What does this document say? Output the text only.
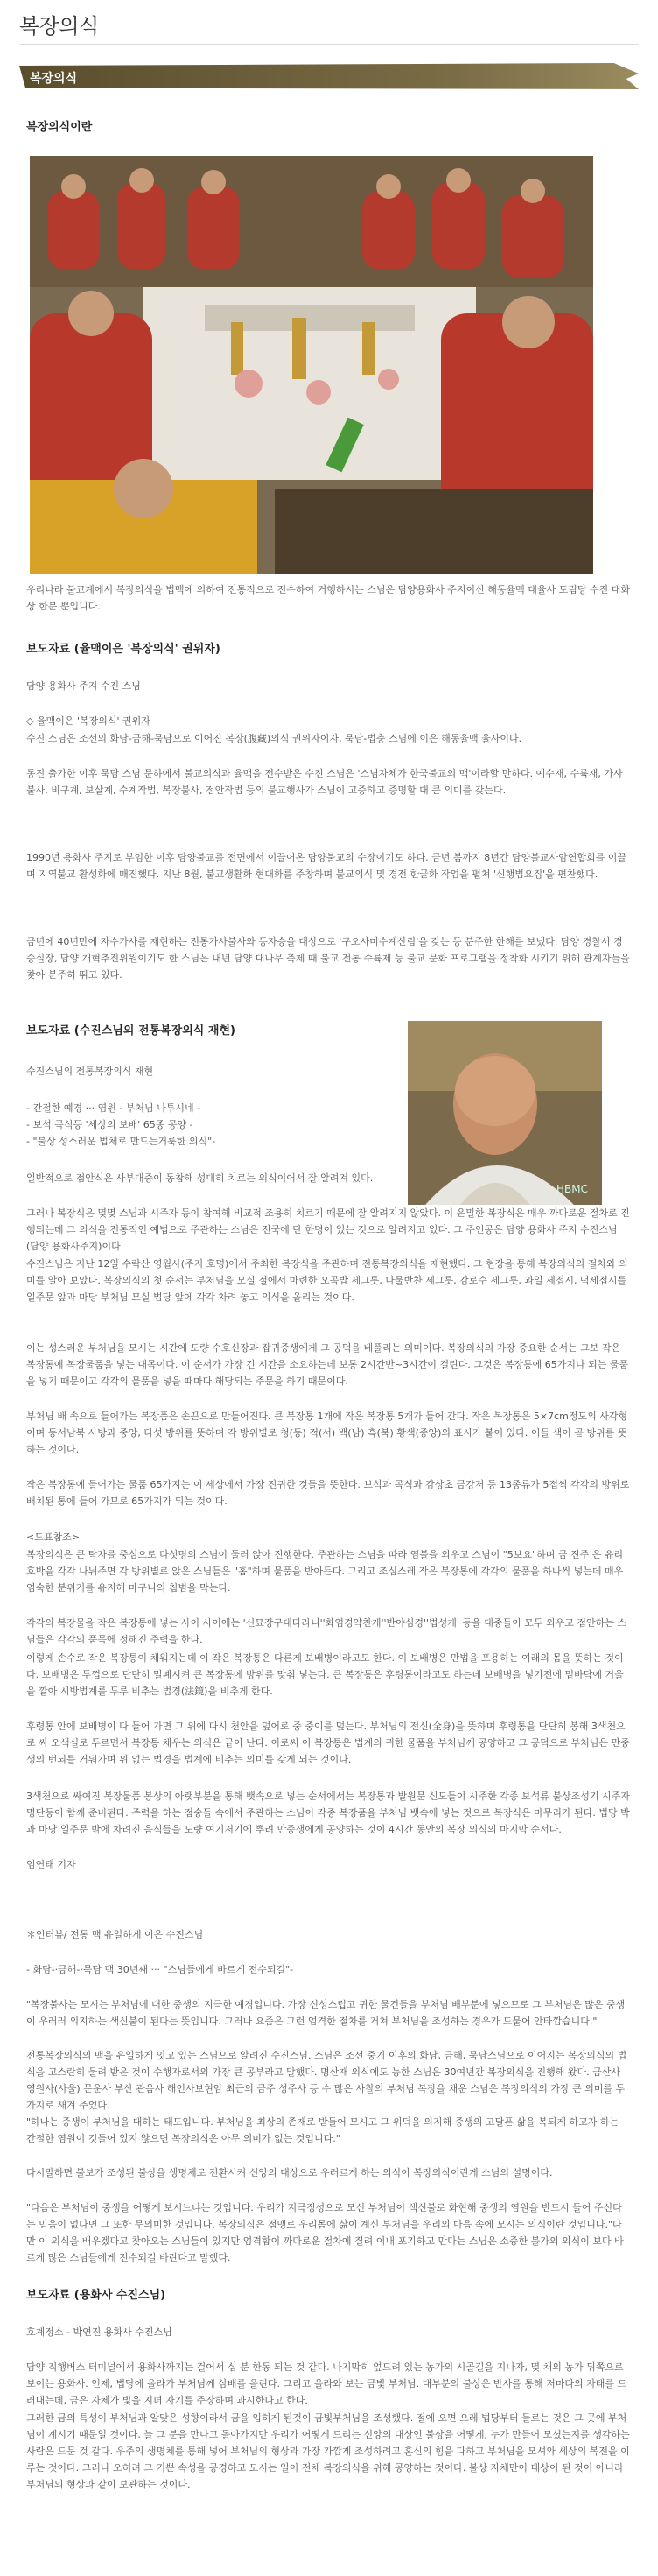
복장의식
복장의식
복장의식이란
우리나라 불교계에서 복장의식을 법맥에 의하여 전통적으로 전수하여 거행하시는 스님은 담양용화사 주지이신 해동율맥 대율사 도림당 수진 대화상 한분 뿐입니다.
보도자료 (율맥이은 '복장의식' 권위자)
담양 용화사 주지 수진 스님
◇ 율맥이은 '복장의식' 권위자
수진 스님은 조선의 화담-금해-묵담으로 이어진 복장(腹藏)의식 권위자이자, 묵담-법충 스님에 이은 해동율맥 율사이다.
동진 출가한 이후 묵담 스님 문하에서 불교의식과 율맥을 전수받은 수진 스님은 '스님자체가 한국불교의 맥'이라할 만하다. 예수재, 수륙재, 가사불사, 비구계, 보살계, 수계작법, 복장불사, 점안작법 등의 불교행사가 스님이 고증하고 증명할 대 큰 의미를 갖는다.
1990년 용화사 주지로 부임한 이후 담양불교를 전면에서 이끌어온 담양불교의 수장이기도 하다. 금년 봄까지 8년간 담양불교사암연합회를 이끌며 지역불교 활성화에 매진했다. 지난 8월, 불교생활화 현대화를 주창하며 불교의식 및 경전 한글화 작업을 펼쳐 '신행법요집'을 편찬했다.
금년에 40년만에 자수가사를 재현하는 전통가사불사와 동자승을 대상으로 '구오사미수계산림'을 갖는 등 분주한 한해를 보냈다. 담양 경찰서 경승실장, 담양 개혁추진위원이기도 한 스님은 내년 담양 대나무 축제 때 불교 전통 수륙제 등 불교 문화 프로그램을 정착화 시키기 위해 관계자들을 찾아 분주히 뛰고 있다.
보도자료 (수진스님의 전통복장의식 재현)
HBMC
수진스님의 전통복장의식 재현
- 간절한 예경 ··· 염원 - 부처님 나투시네 -
- 보석·곡식등 '세상의 보배' 65종 공양 -
- "불상 성스러운 법체로 만드는거룩한 의식"-
일반적으로 점안식은 사부대중이 동참해 성대히 치르는 의식이어서 잘 알려져 있다.
그러나 복장식은 몇몇 스님과 시주자 등이 참여해 비교적 조용히 치르기 때문에 잘 알려지지 않았다. 이 은밀한 복장식은 매우 까다로운 절차로 진행되는데 그 의식을 전통적인 예법으로 주관하는 스님은 전국에 단 한명이 있는 것으로 알려지고 있다. 그 주인공은 담양 용화사 주지 수진스님(담양 용화사주지)이다.
수진스님은 지난 12일 수락산 영월사(주지 호명)에서 주최한 복장식을 주관하며 전통복장의식을 재현했다. 그 현장을 통해 복장의식의 절차와 의미를 알아 보았다. 복장의식의 첫 순서는 부처님을 모실 절에서 마련한 오곡밥 세그릇, 나물반찬 세그릇, 감로수 세그릇, 과일 세접시, 떡세접시를 일주문 앞과 마당 부처님 모실 법당 앞에 각각 차려 놓고 의식을 올리는 것이다.
이는 성스러운 부처님을 모시는 시간에 도량 수호신장과 잡귀중생에게 그 공덕을 베풀리는 의미이다. 복장의식의 가장 중요한 순서는 그보 작은 복장통에 복장물품을 넣는 대목이다. 이 순서가 가장 긴 시간을 소요하는데 보통 2시간반~3시간이 걸린다. 그것은 복장통에 65가지나 되는 물품을 넣기 때문이고 각각의 물품을 넣을 때마다 해당되는 주문을 하기 때문이다.
부처님 배 속으로 들어가는 복장품은 손끈으로 만들어진다. 큰 복장통 1개에 작은 복장통 5개가 들어 간다. 작은 복장통은 5×7cm정도의 사각형이며 동서남북 사방과 중앙, 다섯 방위를 뜻하며 각 방위별로 청(동) 적(서) 백(남) 흑(북) 황색(중앙)의 표시가 붙어 있다. 이들 색이 곧 방위를 뜻하는 것이다.
작은 복장통에 들어가는 물품 65가지는 이 세상에서 가장 진귀한 것들을 뜻한다. 보석과 곡식과 감상초 금강저 등 13종류가 5접씩 각각의 방위로 배치된 통에 들어 가므로 65가지가 되는 것이다.
<도표참조>
복장의식은 큰 탁자를 중심으로 다섯명의 스님이 둘러 앉아 진행한다. 주관하는 스님을 따라 염불을 외우고 스님이 "5보요"하며 금 진주 은 유리 호박을 각각 나눠주면 각 방위별로 앉은 스님들은 "홉"하며 물품을 받아든다. 그리고 조심스레 작은 복장통에 각각의 물품을 하나씩 넣는데 매우 엄숙한 분위기를 유지해 마구니의 침범을 막는다.
각각의 복장물을 작은 복장통에 넣는 사이 사이에는 '신묘장구대다라니''화엄경약찬게''반야심경''법성게' 등을 대중들이 모두 외우고 점안하는 스님들은 각각의 품목에 정해진 주력을 한다.
이렇게 손수로 작은 복장통이 채워지는데 이 작은 복장통은 다른게 보배병이라고도 한다. 이 보배병은 만법을 포용하는 여래의 몸을 뜻하는 것이다. 보배병은 두껍으로 단단히 밀폐시켜 큰 복장통에 방위를 맞춰 넣는다. 큰 복장통은 후령통이라고도 하는데 보배병을 넣기전에 밑바닥에 거울을 깔아 시방법계를 두루 비추는 법경(法鏡)을 비추게 한다.
후령통 안에 보배병이 다 들어 가면 그 위에 다시 천안을 덮어로 중 중이를 덮는다. 부처님의 전신(全身)을 뜻하며 후령통을 단단히 봉해 3색천으로 싸 오색실로 두르면서 복장통 채우는 의식은 끝이 난다. 이로써 이 복장통은 법계의 귀한 물품을 부처님께 공양하고 그 공덕으로 부처님은 만중생의 번뇌를 거둬가며 위 없는 법경을 법계에 비추는 의미를 갖게 되는 것이다.
3색천으로 싸여진 복장물품 봉상의 아랫부분을 통해 뱃속으로 넣는 순서에서는 복장통과 발원문 신도들이 시주한 각종 보석류 불상조성기 시주자 명단등이 함께 준비된다. 주력을 하는 점숭들 속에서 주관하는 스님이 각종 복장품을 부처님 뱃속에 넣는 것으로 복장식은 마무리가 된다. 법당 박과 마당 일주문 밖에 차려진 음식들을 도량 여기저기에 뿌려 만중생에게 공양하는 것이 4시간 동안의 복장 의식의 마지막 순서다.
임연태 기자
＊인터뷰/ 전통 맥 유일하게 이은 수진스님
- 화담-·금해-·묵담 맥 30년째 ··· "스님들에게 바르게 전수되길"-
"복장불사는 모시는 부처님에 대한 중생의 지극한 예경입니다. 가장 신성스럽고 귀한 물건들을 부처님 배부분에 넣으므로 그 부처님은 많은 중생이 우러러 의지하는 색신불이 된다는 뜻입니다. 그러나 요즘은 그런 엄격한 절차를 거쳐 부처님을 조성하는 경우가 드물어 안타깝습니다."
전통복장의식의 맥을 유일하게 잇고 있는 스님으로 알려진 수진스님. 스님은 조선 중기 이후의 화담, 금해, 묵담스님으로 이어지는 복장의식의 법식을 고스란히 물려 받은 것이 수행자로서의 가장 큰 공부라고 말했다. 명산재 의식에도 능한 스님은 30여년간 복장의식을 진행해 왔다. 금산사 영원사(사울) 문운사 부산 관음사 해인사보현암 최근의 금주 성주사 등 수 많은 사찰의 부처님 복장을 채운 스님은 복장의식의 가장 큰 의미를 두가지로 새겨 주었다.
"하나는 중생이 부처님을 대하는 태도입니다. 부처님을 최상의 존재로 받들어 모시고 그 위덕을 의지해 중생의 고달픈 삶을 복되게 하고자 하는 간절한 염원이 깃들어 있지 않으면 복장의식은 아무 의미가 없는 것입니다."
다시말하면 불보가 조성된 불상을 생명체로 전환시켜 신앙의 대상으로 우러르게 하는 의식이 복장의식이란게 스님의 설명이다.
"다음은 부처님이 중생을 어떻게 보시느냐는 것입니다. 우리가 지극정성으로 모신 부처님이 색신불로 화현해 중생의 염원을 반드시 들어 주신다는 믿음이 없다면 그 또한 무의미한 것입니다. 복장의식은 점맹로 우리몸에 삶이 계신 부처님을 우리의 마음 속에 모시는 의식이란 것입니다."다만 이 의식을 배우겠다고 찾아오는 스님들이 있지만 엄격함이 까다로운 절차에 질려 이내 포기하고 만다는 스님은 소중한 불가의 의식이 보다 바르게 많은 스님들에게 전수되길 바란다고 말했다.
보도자료 (용화사 수진스님)
호계정소 - 박연진 용화사 수진스님
담양 직행버스 터미널에서 용화사까지는 걸어서 십 분 한동 되는 것 같다. 나지막히 엎드려 있는 농가의 시골길을 지나자, 몇 채의 농가 뒤쪽으로 보이는 용화사. 언제, 법당에 올라가 부처님께 삼배를 올린다. 그리고 올라와 보는 금빛 부처님. 대부분의 불상은 반사를 통해 저마다의 자태를 드러내는데, 금은 자체가 빛을 지녀 자기를 주장하며 과시한다고 한다.
그러한 금의 특성이 부처님과 알맞은 성향이라서 금을 입히게 된것이 금빛부처님을 조성했다. 절에 오면 으레 법당부터 들르는 것은 그 곳에 부처님이 계시기 때문일 것이다. 늘 그 분을 만나고 돌아가지만 우리가 어떻게 드리는 신앙의 대상인 불상을 어떻게, 누가 만들어 모셨는지를 생각하는 사람은 드문 것 같다. 우주의 생명체를 통해 넣어 부처님의 형상과 가장 가깝게 조성하려고 혼신의 힘을 다하고 부처님을 모셔와 세상의 복전을 이루는 것이다. 그러나 오히려 그 기쁜 속성을 공경하고 모시는 일이 전체 복장의식을 위해 공양하는 것이다. 불상 자체만이 대상이 된 것이 아니라 부처님의 형상과 같이 보관하는 것이다.
